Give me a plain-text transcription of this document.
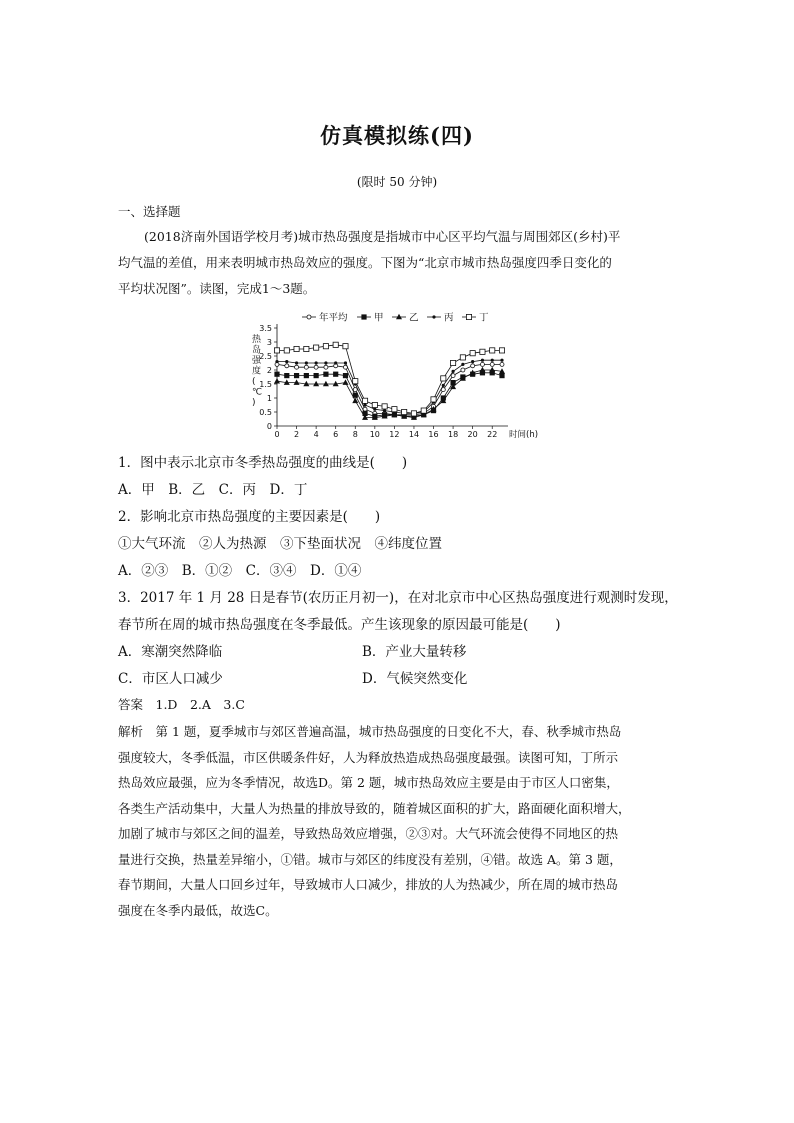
仿真模拟练(四)
(限时 50 分钟)
一、选择题

(2018济南外国语学校月考)城市热岛强度是指城市中心区平均气温与周围郊区(乡村)平

均气温的差值，用来表明城市热岛效应的强度。下图为“北京市城市热岛强度四季日变化的

平均状况图”。读图，完成1～3题。

年平均	甲	乙	丙	丁
0
0.5
1
1.5
2
2.5
3
3.5
0 2 4 6 8 10 12 14 16 18 20 22
热岛强度( ℃ )
时间(h)
1．图中表示北京市冬季热岛强度的曲线是(　　)
A．甲　B．乙　C．丙　D．丁
2．影响北京市热岛强度的主要因素是(　　)
①大气环流　②人为热源　③下垫面状况　④纬度位置
A．②③　B．①②　C．③④　D．①④
3．2017 年 1 月 28 日是春节(农历正月初一)，在对北京市中心区热岛强度进行观测时发现，
春节所在周的城市热岛强度在冬季最低。产生该现象的原因最可能是(　　)
A．寒潮突然降临	B．产业大量转移
C．市区人口减少	D．气候突然变化
答案　1.D　2.A　3.C
解析　第 1 题，夏季城市与郊区普遍高温，城市热岛强度的日变化不大，春、秋季城市热岛
强度较大，冬季低温，市区供暖条件好，人为释放热造成热岛强度最强。读图可知，丁所示
热岛效应最强，应为冬季情况，故选D。第 2 题，城市热岛效应主要是由于市区人口密集，
各类生产活动集中，大量人为热量的排放导致的，随着城区面积的扩大，路面硬化面积增大，
加剧了城市与郊区之间的温差，导致热岛效应增强，②③对。大气环流会使得不同地区的热
量进行交换，热量差异缩小，①错。城市与郊区的纬度没有差别，④错。故选 A。第 3 题，
春节期间，大量人口回乡过年，导致城市人口减少，排放的人为热减少，所在周的城市热岛
强度在冬季内最低，故选C。
